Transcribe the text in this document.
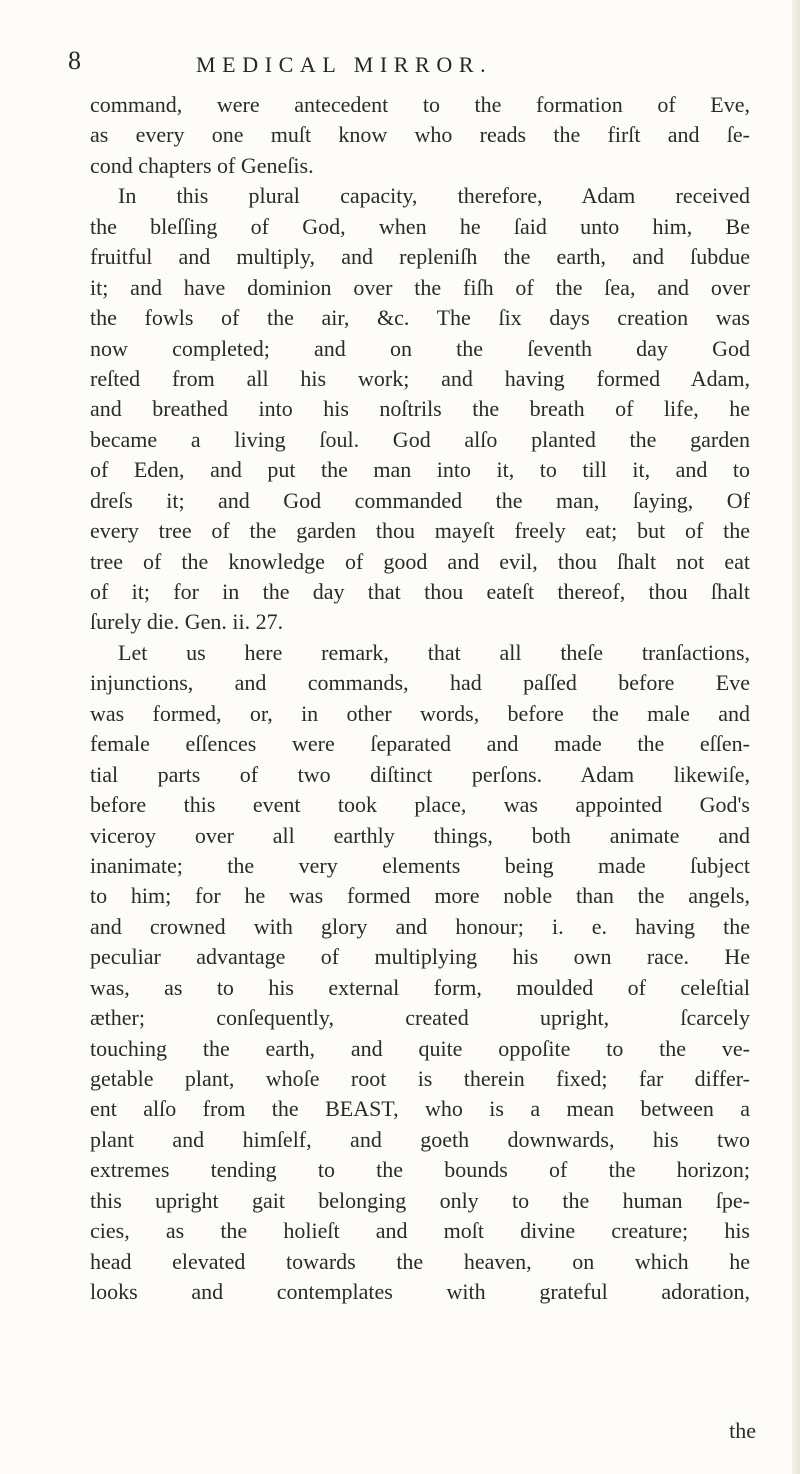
8	MEDICAL MIRROR.
command, were antecedent to the formation of Eve,
as every one muſt know who reads the firſt and ſe-
cond chapters of Geneſis.
In this plural capacity, therefore, Adam received
the bleſſing of God, when he ſaid unto him, Be
fruitful and multiply, and repleniſh the earth, and ſubdue
it; and have dominion over the fiſh of the ſea, and over
the fowls of the air, &c. The ſix days creation was
now completed; and on the ſeventh day God
reſted from all his work; and having formed Adam,
and breathed into his noſtrils the breath of life, he
became a living ſoul. God alſo planted the garden
of Eden, and put the man into it, to till it, and to
dreſs it; and God commanded the man, ſaying, Of
every tree of the garden thou mayeſt freely eat; but of the
tree of the knowledge of good and evil, thou ſhalt not eat
of it; for in the day that thou eateſt thereof, thou ſhalt
ſurely die. Gen. ii. 27.
Let us here remark, that all theſe tranſactions,
injunctions, and commands, had paſſed before Eve
was formed, or, in other words, before the male and
female eſſences were ſeparated and made the eſſen-
tial parts of two diſtinct perſons. Adam likewiſe,
before this event took place, was appointed God's
viceroy over all earthly things, both animate and
inanimate; the very elements being made ſubject
to him; for he was formed more noble than the angels,
and crowned with glory and honour; i. e. having the
peculiar advantage of multiplying his own race. He
was, as to his external form, moulded of celeſtial
æther; conſequently, created upright, ſcarcely
touching the earth, and quite oppoſite to the ve-
getable plant, whoſe root is therein fixed; far differ-
ent alſo from the BEAST, who is a mean between a
plant and himſelf, and goeth downwards, his two
extremes tending to the bounds of the horizon;
this upright gait belonging only to the human ſpe-
cies, as the holieſt and moſt divine creature; his
head elevated towards the heaven, on which he
looks and contemplates with grateful adoration,
the
